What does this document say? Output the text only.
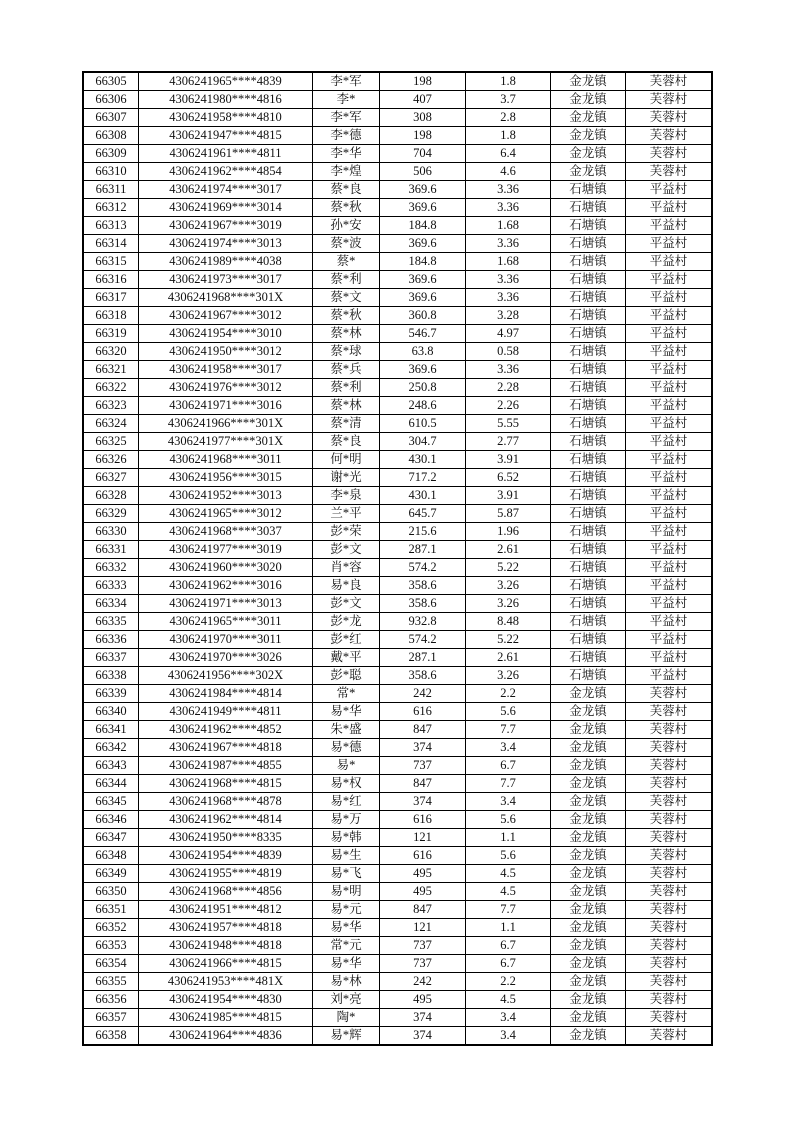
66305	4306241965****4839	李*军	198	1.8	金龙镇	芙蓉村
66306	4306241980****4816	李*	407	3.7	金龙镇	芙蓉村
66307	4306241958****4810	李*军	308	2.8	金龙镇	芙蓉村
66308	4306241947****4815	李*德	198	1.8	金龙镇	芙蓉村
66309	4306241961****4811	李*华	704	6.4	金龙镇	芙蓉村
66310	4306241962****4854	李*煌	506	4.6	金龙镇	芙蓉村
66311	4306241974****3017	蔡*良	369.6	3.36	石塘镇	平益村
66312	4306241969****3014	蔡*秋	369.6	3.36	石塘镇	平益村
66313	4306241967****3019	孙*安	184.8	1.68	石塘镇	平益村
66314	4306241974****3013	蔡*波	369.6	3.36	石塘镇	平益村
66315	4306241989****4038	蔡*	184.8	1.68	石塘镇	平益村
66316	4306241973****3017	蔡*利	369.6	3.36	石塘镇	平益村
66317	4306241968****301X	蔡*文	369.6	3.36	石塘镇	平益村
66318	4306241967****3012	蔡*秋	360.8	3.28	石塘镇	平益村
66319	4306241954****3010	蔡*林	546.7	4.97	石塘镇	平益村
66320	4306241950****3012	蔡*球	63.8	0.58	石塘镇	平益村
66321	4306241958****3017	蔡*兵	369.6	3.36	石塘镇	平益村
66322	4306241976****3012	蔡*利	250.8	2.28	石塘镇	平益村
66323	4306241971****3016	蔡*林	248.6	2.26	石塘镇	平益村
66324	4306241966****301X	蔡*清	610.5	5.55	石塘镇	平益村
66325	4306241977****301X	蔡*良	304.7	2.77	石塘镇	平益村
66326	4306241968****3011	何*明	430.1	3.91	石塘镇	平益村
66327	4306241956****3015	谢*光	717.2	6.52	石塘镇	平益村
66328	4306241952****3013	李*泉	430.1	3.91	石塘镇	平益村
66329	4306241965****3012	兰*平	645.7	5.87	石塘镇	平益村
66330	4306241968****3037	彭*荣	215.6	1.96	石塘镇	平益村
66331	4306241977****3019	彭*文	287.1	2.61	石塘镇	平益村
66332	4306241960****3020	肖*容	574.2	5.22	石塘镇	平益村
66333	4306241962****3016	易*良	358.6	3.26	石塘镇	平益村
66334	4306241971****3013	彭*文	358.6	3.26	石塘镇	平益村
66335	4306241965****3011	彭*龙	932.8	8.48	石塘镇	平益村
66336	4306241970****3011	彭*红	574.2	5.22	石塘镇	平益村
66337	4306241970****3026	戴*平	287.1	2.61	石塘镇	平益村
66338	4306241956****302X	彭*聪	358.6	3.26	石塘镇	平益村
66339	4306241984****4814	常*	242	2.2	金龙镇	芙蓉村
66340	4306241949****4811	易*华	616	5.6	金龙镇	芙蓉村
66341	4306241962****4852	朱*盛	847	7.7	金龙镇	芙蓉村
66342	4306241967****4818	易*德	374	3.4	金龙镇	芙蓉村
66343	4306241987****4855	易*	737	6.7	金龙镇	芙蓉村
66344	4306241968****4815	易*权	847	7.7	金龙镇	芙蓉村
66345	4306241968****4878	易*红	374	3.4	金龙镇	芙蓉村
66346	4306241962****4814	易*万	616	5.6	金龙镇	芙蓉村
66347	4306241950****8335	易*韩	121	1.1	金龙镇	芙蓉村
66348	4306241954****4839	易*生	616	5.6	金龙镇	芙蓉村
66349	4306241955****4819	易*飞	495	4.5	金龙镇	芙蓉村
66350	4306241968****4856	易*明	495	4.5	金龙镇	芙蓉村
66351	4306241951****4812	易*元	847	7.7	金龙镇	芙蓉村
66352	4306241957****4818	易*华	121	1.1	金龙镇	芙蓉村
66353	4306241948****4818	常*元	737	6.7	金龙镇	芙蓉村
66354	4306241966****4815	易*华	737	6.7	金龙镇	芙蓉村
66355	4306241953****481X	易*林	242	2.2	金龙镇	芙蓉村
66356	4306241954****4830	刘*亮	495	4.5	金龙镇	芙蓉村
66357	4306241985****4815	陶*	374	3.4	金龙镇	芙蓉村
66358	4306241964****4836	易*辉	374	3.4	金龙镇	芙蓉村
